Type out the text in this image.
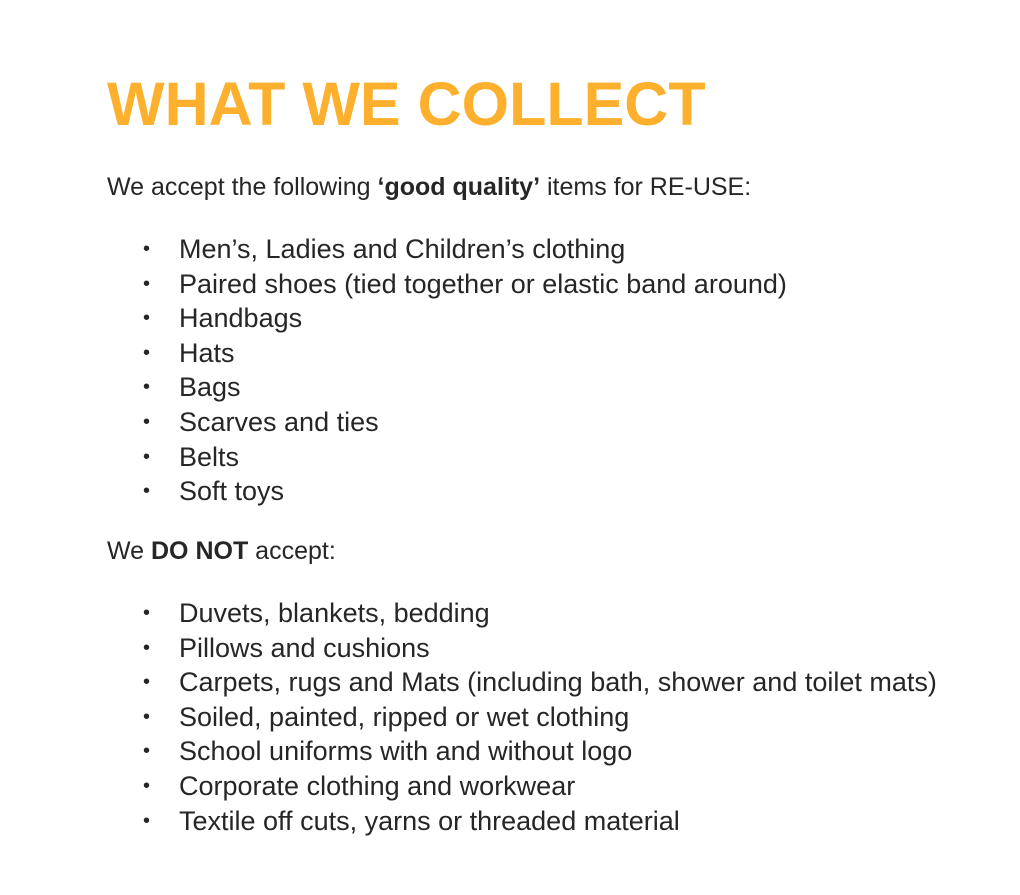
WHAT WE COLLECT

We accept the following ‘good quality’ items for RE-USE:

• Men’s, Ladies and Children’s clothing
• Paired shoes (tied together or elastic band around)
• Handbags
• Hats
• Bags
• Scarves and ties
• Belts
• Soft toys

We DO NOT accept:

• Duvets, blankets, bedding
• Pillows and cushions
• Carpets, rugs and Mats (including bath, shower and toilet mats)
• Soiled, painted, ripped or wet clothing
• School uniforms with and without logo
• Corporate clothing and workwear
• Textile off cuts, yarns or threaded material
